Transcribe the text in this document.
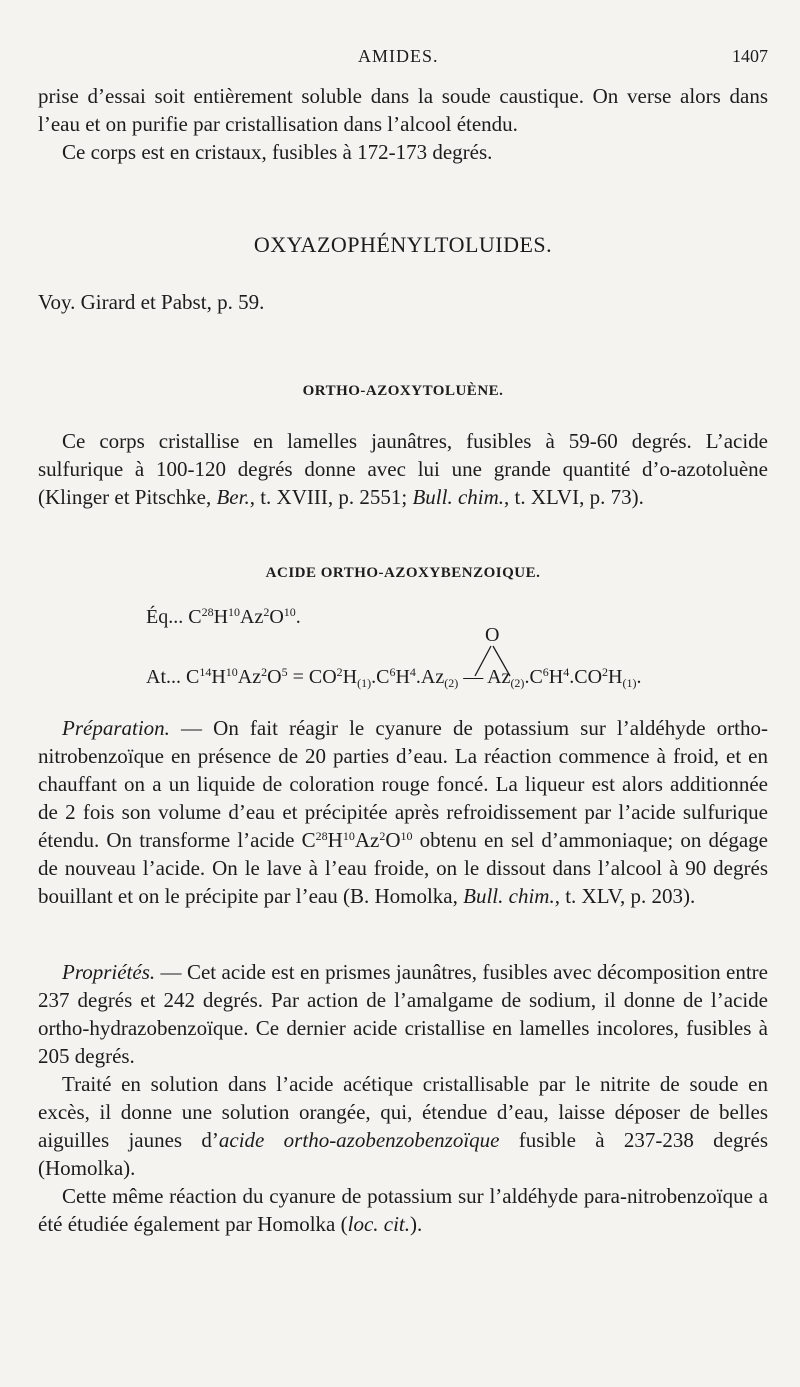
AMIDES.	1407

prise d’essai soit entièrement soluble dans la soude caustique. On verse alors dans l’eau et on purifie par cristallisation dans l’alcool étendu.

Ce corps est en cristaux, fusibles à 172-173 degrés.

OXYAZOPHÉNYLTOLUIDES.

Voy. Girard et Pabst, p. 59.

ORTHO-AZOXYTOLUÈNE.

Ce corps cristallise en lamelles jaunâtres, fusibles à 59-60 degrés. L’acide sulfurique à 100-120 degrés donne avec lui une grande quantité d’o-azotoluène (Klinger et Pitschke, Ber., t. XVIII, p. 2551; Bull. chim., t. XLVI, p. 73).

ACIDE ORTHO-AZOXYBENZOIQUE.
Éq... $C^{28}H^{10}Az^2O^{10}$.
O
At... $C^{14}H^{10}Az^2O^5 = CO^2H_{(1)}.C^6H^4.Az_{(2)}$ — $Az_{(2)}.C^6H^4.CO^2H_{(1)}$.

Préparation. — On fait réagir le cyanure de potassium sur l’aldéhyde ortho-nitrobenzoïque en présence de 20 parties d’eau. La réaction commence à froid, et en chauffant on a un liquide de coloration rouge foncé. La liqueur est alors additionnée de 2 fois son volume d’eau et précipitée après refroidissement par l’acide sulfurique étendu. On transforme l’acide $C^{28}H^{10}Az^2O^{10}$ obtenu en sel d’ammoniaque; on dégage de nouveau l’acide. On le lave à l’eau froide, on le dissout dans l’alcool à 90 degrés bouillant et on le précipite par l’eau (B. Homolka, Bull. chim., t. XLV, p. 203).

Propriétés. — Cet acide est en prismes jaunâtres, fusibles avec décomposition entre 237 degrés et 242 degrés. Par action de l’amalgame de sodium, il donne de l’acide ortho-hydrazobenzoïque. Ce dernier acide cristallise en lamelles incolores, fusibles à 205 degrés.

Traité en solution dans l’acide acétique cristallisable par le nitrite de soude en excès, il donne une solution orangée, qui, étendue d’eau, laisse déposer de belles aiguilles jaunes d’acide ortho-azobenzobenzoïque fusible à 237-238 degrés (Homolka).

Cette même réaction du cyanure de potassium sur l’aldéhyde para-nitrobenzoïque a été étudiée également par Homolka (loc. cit.).
